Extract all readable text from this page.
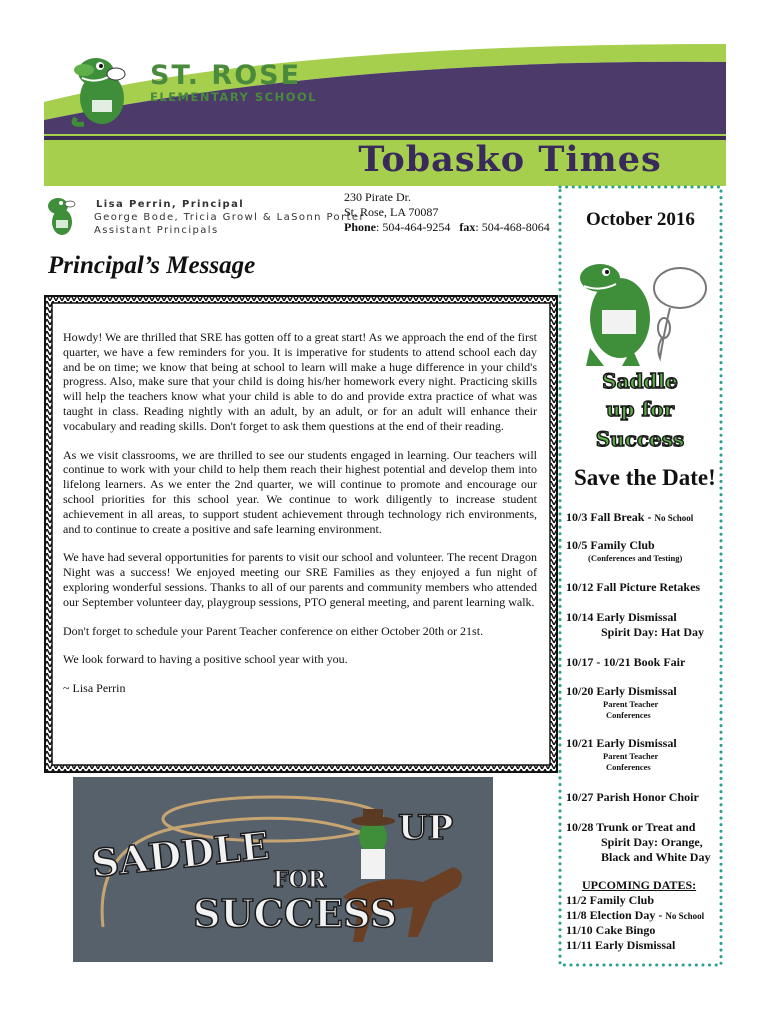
ST. ROSE
ELEMENTARY SCHOOL
Tobasko Times
Lisa Perrin, Principal
George Bode, Tricia Growl & LaSonn Porter
Assistant Principals
230 Pirate Dr.
St. Rose, LA 70087
Phone: 504-464-9254 fax: 504-468-8064
Principal’s Message

Howdy! We are thrilled that SRE has gotten off to a great start! As we approach the end of the first quarter, we have a few reminders for you. It is imperative for students to attend school each day and be on time; we know that being at school to learn will make a huge difference in your child's progress. Also, make sure that your child is doing his/her homework every night. Practicing skills will help the teachers know what your child is able to do and provide extra practice of what was taught in class. Reading nightly with an adult, by an adult, or for an adult will enhance their vocabulary and reading skills. Don't forget to ask them questions at the end of their reading.

As we visit classrooms, we are thrilled to see our students engaged in learning. Our teachers will continue to work with your child to help them reach their highest potential and develop them into lifelong learners. As we enter the 2nd quarter, we will continue to promote and encourage our school priorities for this school year. We continue to work diligently to increase student achievement in all areas, to support student achievement through technology rich environments, and to continue to create a positive and safe learning environment.

We have had several opportunities for parents to visit our school and volunteer. The recent Dragon Night was a success! We enjoyed meeting our SRE Families as they enjoyed a fun night of exploring wonderful sessions. Thanks to all of our parents and community members who attended our September volunteer day, playgroup sessions, PTO general meeting, and parent learning walk.

Don't forget to schedule your Parent Teacher conference on either October 20th or 21st.

We look forward to having a positive school year with you.

~ Lisa Perrin

SADDLE	UP
FOR
SUCCESS
October 2016
Saddle
up for
Success
Save the Date!
10/3 Fall Break - No School
10/5 Family Club
(Conferences and Testing)
10/12 Fall Picture Retakes
10/14 Early Dismissal
Spirit Day: Hat Day
10/17 - 10/21 Book Fair
10/20 Early Dismissal
Parent Teacher
Conferences
10/21 Early Dismissal
Parent Teacher
Conferences
10/27 Parish Honor Choir
10/28 Trunk or Treat and
Spirit Day: Orange,
Black and White Day
UPCOMING DATES:
11/2 Family Club
11/8 Election Day - No School
11/10 Cake Bingo
11/11 Early Dismissal
